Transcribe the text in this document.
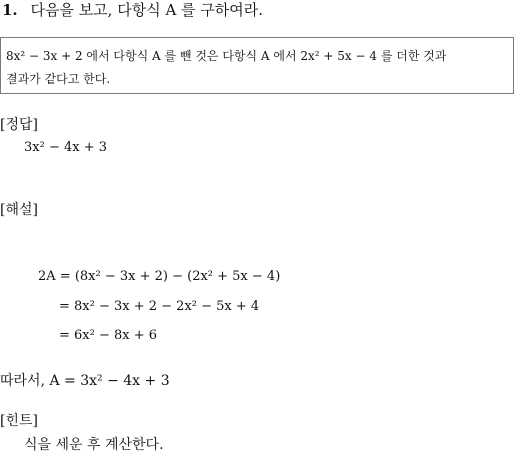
1. 다음을 보고, 다항식 A 를 구하여라.
8x² − 3x + 2 에서 다항식 A 를 뺀 것은 다항식 A 에서 2x² + 5x − 4 를 더한 것과
결과가 같다고 한다.
[정답]
3x² − 4x + 3
[해설]
2A = (8x² − 3x + 2) − (2x² + 5x − 4)
= 8x² − 3x + 2 − 2x² − 5x + 4
= 6x² − 8x + 6
따라서, A = 3x² − 4x + 3
[힌트]
식을 세운 후 계산한다.
